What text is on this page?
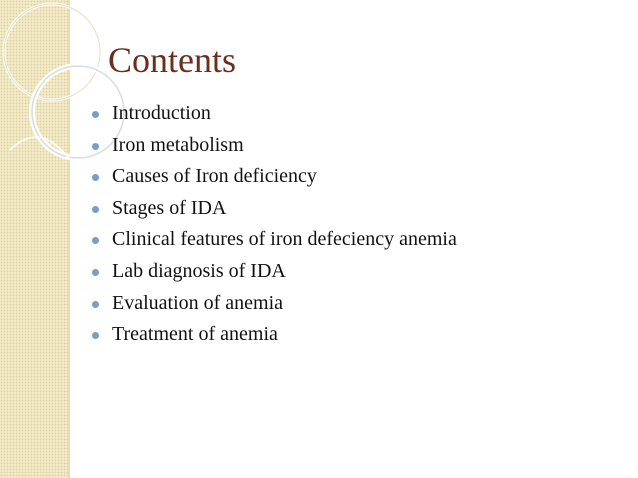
Contents
Introduction
Iron metabolism
Causes of Iron deficiency
Stages of IDA
Clinical features of iron defeciency anemia
Lab diagnosis of IDA
Evaluation of anemia
Treatment of anemia
